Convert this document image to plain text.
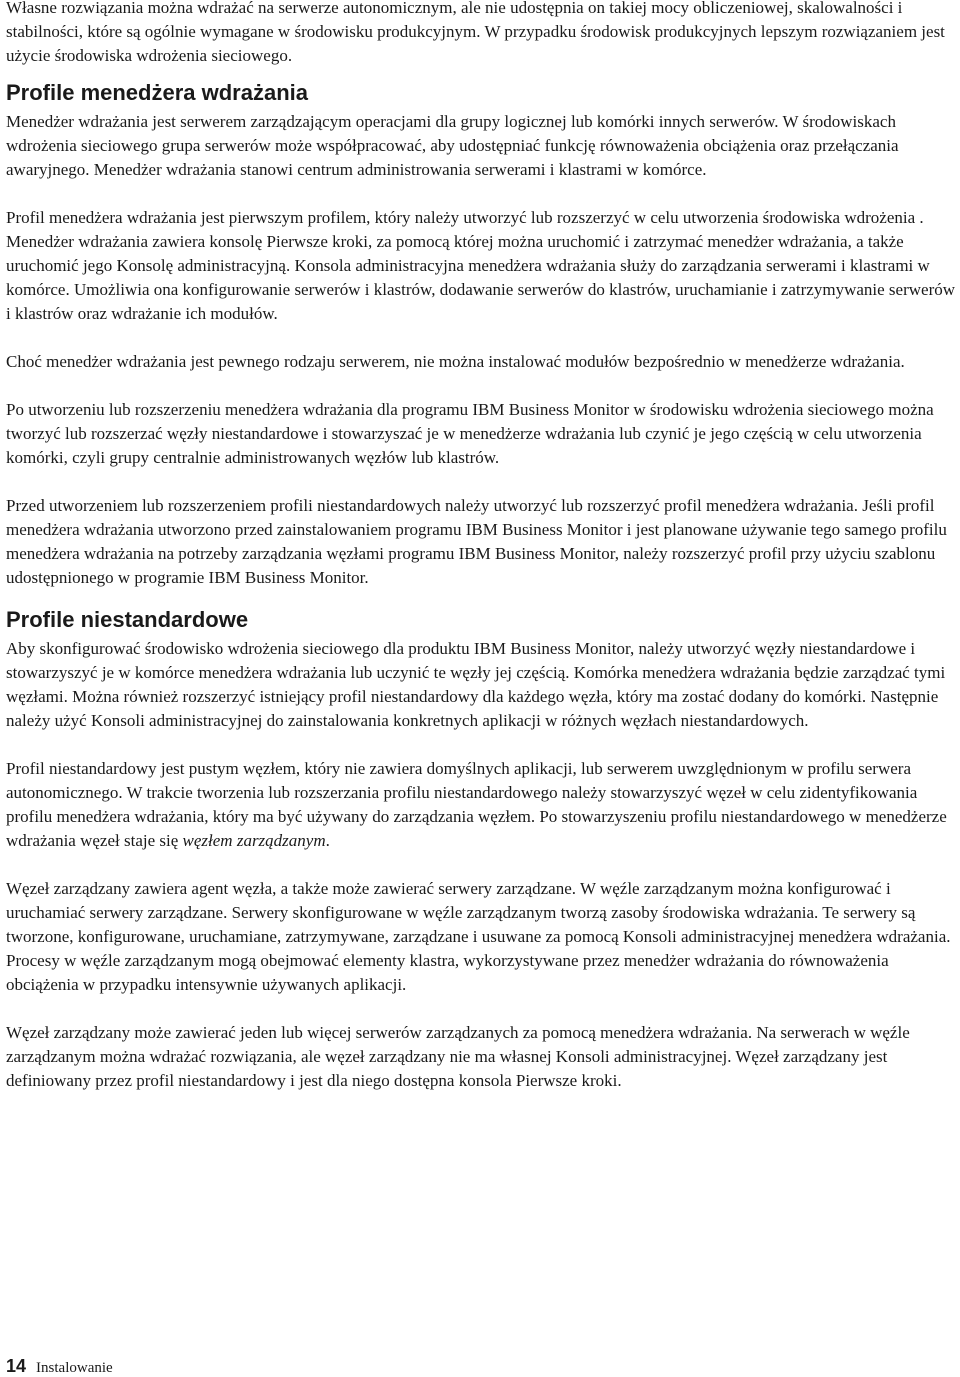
Własne rozwiązania można wdrażać na serwerze autonomicznym, ale nie udostępnia on takiej mocy obliczeniowej, skalowalności i stabilności, które są ogólnie wymagane w środowisku produkcyjnym. W przypadku środowisk produkcyjnych lepszym rozwiązaniem jest użycie środowiska wdrożenia sieciowego.

Profile menedżera wdrażania

Menedżer wdrażania jest serwerem zarządzającym operacjami dla grupy logicznej lub komórki innych serwerów. W środowiskach wdrożenia sieciowego grupa serwerów może współpracować, aby udostępniać funkcję równoważenia obciążenia oraz przełączania awaryjnego. Menedżer wdrażania stanowi centrum administrowania serwerami i klastrami w komórce.

Profil menedżera wdrażania jest pierwszym profilem, który należy utworzyć lub rozszerzyć w celu utworzenia środowiska wdrożenia . Menedżer wdrażania zawiera konsolę Pierwsze kroki, za pomocą której można uruchomić i zatrzymać menedżer wdrażania, a także uruchomić jego Konsolę administracyjną. Konsola administracyjna menedżera wdrażania służy do zarządzania serwerami i klastrami w komórce. Umożliwia ona konfigurowanie serwerów i klastrów, dodawanie serwerów do klastrów, uruchamianie i zatrzymywanie serwerów i klastrów oraz wdrażanie ich modułów.

Choć menedżer wdrażania jest pewnego rodzaju serwerem, nie można instalować modułów bezpośrednio w menedżerze wdrażania.

Po utworzeniu lub rozszerzeniu menedżera wdrażania dla programu IBM Business Monitor w środowisku wdrożenia sieciowego można tworzyć lub rozszerzać węzły niestandardowe i stowarzyszać je w menedżerze wdrażania lub czynić je jego częścią w celu utworzenia komórki, czyli grupy centralnie administrowanych węzłów lub klastrów.

Przed utworzeniem lub rozszerzeniem profili niestandardowych należy utworzyć lub rozszerzyć profil menedżera wdrażania. Jeśli profil menedżera wdrażania utworzono przed zainstalowaniem programu IBM Business Monitor i jest planowane używanie tego samego profilu menedżera wdrażania na potrzeby zarządzania węzłami programu IBM Business Monitor, należy rozszerzyć profil przy użyciu szablonu udostępnionego w programie IBM Business Monitor.

Profile niestandardowe

Aby skonfigurować środowisko wdrożenia sieciowego dla produktu IBM Business Monitor, należy utworzyć węzły niestandardowe i stowarzyszyć je w komórce menedżera wdrażania lub uczynić te węzły jej częścią. Komórka menedżera wdrażania będzie zarządzać tymi węzłami. Można również rozszerzyć istniejący profil niestandardowy dla każdego węzła, który ma zostać dodany do komórki. Następnie należy użyć Konsoli administracyjnej do zainstalowania konkretnych aplikacji w różnych węzłach niestandardowych.

Profil niestandardowy jest pustym węzłem, który nie zawiera domyślnych aplikacji, lub serwerem uwzględnionym w profilu serwera autonomicznego. W trakcie tworzenia lub rozszerzania profilu niestandardowego należy stowarzyszyć węzeł w celu zidentyfikowania profilu menedżera wdrażania, który ma być używany do zarządzania węzłem. Po stowarzyszeniu profilu niestandardowego w menedżerze wdrażania węzeł staje się węzłem zarządzanym.

Węzeł zarządzany zawiera agent węzła, a także może zawierać serwery zarządzane. W węźle zarządzanym można konfigurować i uruchamiać serwery zarządzane. Serwery skonfigurowane w węźle zarządzanym tworzą zasoby środowiska wdrażania. Te serwery są tworzone, konfigurowane, uruchamiane, zatrzymywane, zarządzane i usuwane za pomocą Konsoli administracyjnej menedżera wdrażania. Procesy w węźle zarządzanym mogą obejmować elementy klastra, wykorzystywane przez menedżer wdrażania do równoważenia obciążenia w przypadku intensywnie używanych aplikacji.

Węzeł zarządzany może zawierać jeden lub więcej serwerów zarządzanych za pomocą menedżera wdrażania. Na serwerach w węźle zarządzanym można wdrażać rozwiązania, ale węzeł zarządzany nie ma własnej Konsoli administracyjnej. Węzeł zarządzany jest definiowany przez profil niestandardowy i jest dla niego dostępna konsola Pierwsze kroki.

14 Instalowanie
